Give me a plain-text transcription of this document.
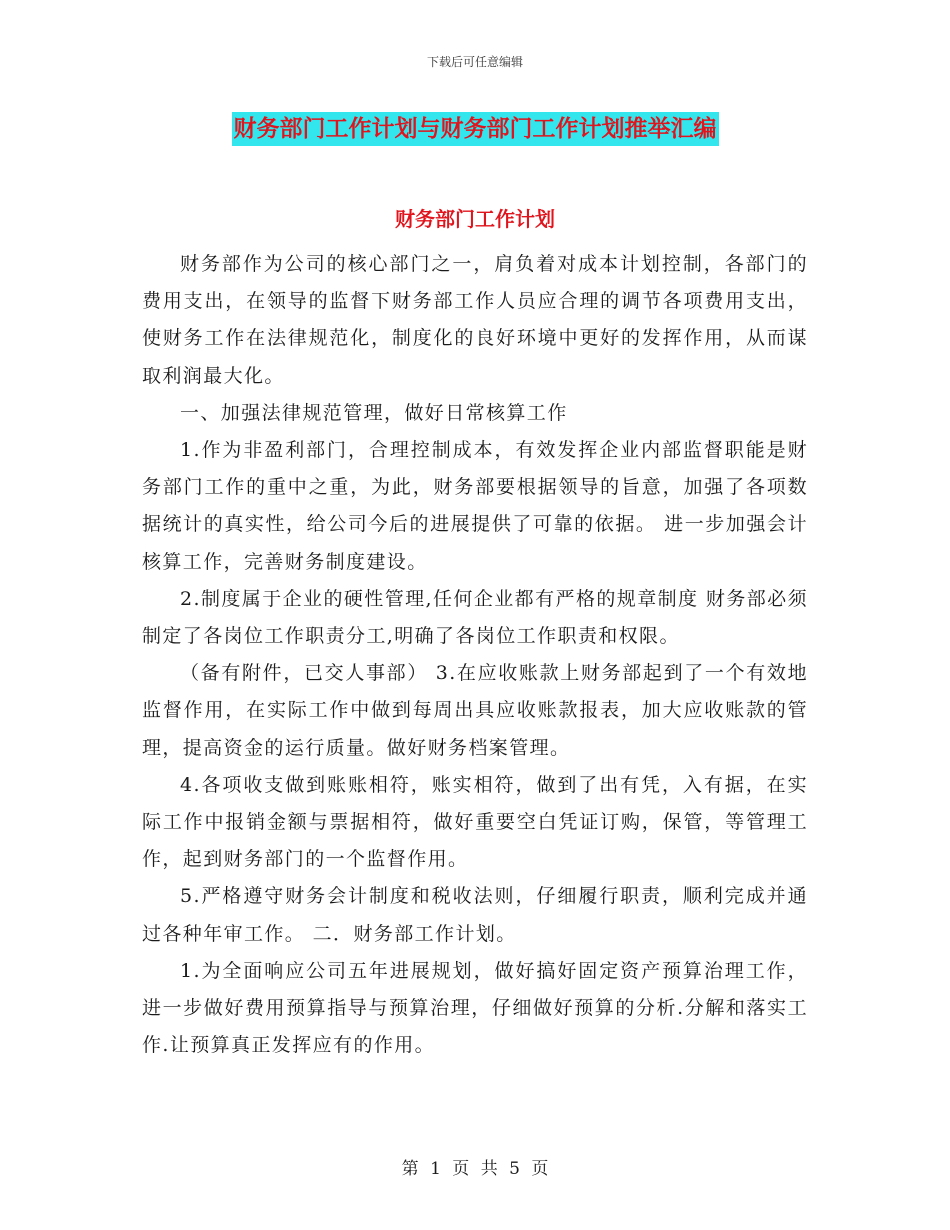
下载后可任意编辑
财务部门工作计划与财务部门工作计划推举汇编
财务部门工作计划

财务部作为公司的核心部门之一，肩负着对成本计划控制，各部门的费用支出，在领导的监督下财务部工作人员应合理的调节各项费用支出，使财务工作在法律规范化，制度化的良好环境中更好的发挥作用，从而谋取利润最大化。

一、加强法律规范管理，做好日常核算工作

1.作为非盈利部门，合理控制成本，有效发挥企业内部监督职能是财务部门工作的重中之重，为此，财务部要根据领导的旨意，加强了各项数据统计的真实性，给公司今后的进展提供了可靠的依据。 进一步加强会计核算工作，完善财务制度建设。

2.制度属于企业的硬性管理,任何企业都有严格的规章制度 财务部必须制定了各岗位工作职责分工,明确了各岗位工作职责和权限。

（备有附件，已交人事部） 3.在应收账款上财务部起到了一个有效地监督作用，在实际工作中做到每周出具应收账款报表，加大应收账款的管理，提高资金的运行质量。做好财务档案管理。

4.各项收支做到账账相符，账实相符，做到了出有凭，入有据，在实际工作中报销金额与票据相符，做好重要空白凭证订购，保管，等管理工作，起到财务部门的一个监督作用。

5.严格遵守财务会计制度和税收法则，仔细履行职责，顺利完成并通过各种年审工作。 二．财务部工作计划。

1.为全面响应公司五年进展规划，做好搞好固定资产预算治理工作，进一步做好费用预算指导与预算治理，仔细做好预算的分析.分解和落实工作.让预算真正发挥应有的作用。

第 1 页 共 5 页
